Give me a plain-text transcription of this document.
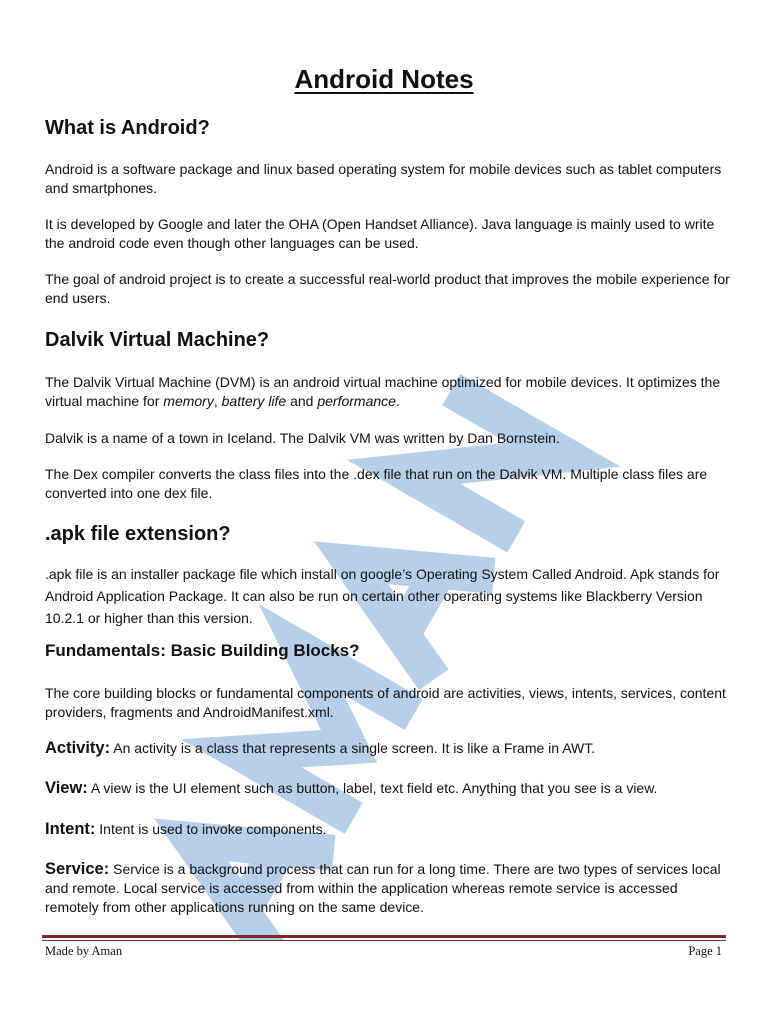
Android Notes
What is Android?

Android is a software package and linux based operating system for mobile devices such as tablet computers and smartphones.

It is developed by Google and later the OHA (Open Handset Alliance). Java language is mainly used to write the android code even though other languages can be used.

The goal of android project is to create a successful real-world product that improves the mobile experience for end users.

Dalvik Virtual Machine?

The Dalvik Virtual Machine (DVM) is an android virtual machine optimized for mobile devices. It optimizes the virtual machine for memory, battery life and performance.

Dalvik is a name of a town in Iceland. The Dalvik VM was written by Dan Bornstein.

The Dex compiler converts the class files into the .dex file that run on the Dalvik VM. Multiple class files are converted into one dex file.

.apk file extension?

.apk file is an installer package file which install on google’s Operating System Called Android. Apk stands for Android Application Package. It can also be run on certain other operating systems like Blackberry Version 10.2.1 or higher than this version.

Fundamentals: Basic Building Blocks?

The core building blocks or fundamental components of android are activities, views, intents, services, content providers, fragments and AndroidManifest.xml.

Activity: An activity is a class that represents a single screen. It is like a Frame in AWT.

View: A view is the UI element such as button, label, text field etc. Anything that you see is a view.

Intent: Intent is used to invoke components.

Service: Service is a background process that can run for a long time. There are two types of services local and remote. Local service is accessed from within the application whereas remote service is accessed remotely from other applications running on the same device.

Made by Aman	Page 1
